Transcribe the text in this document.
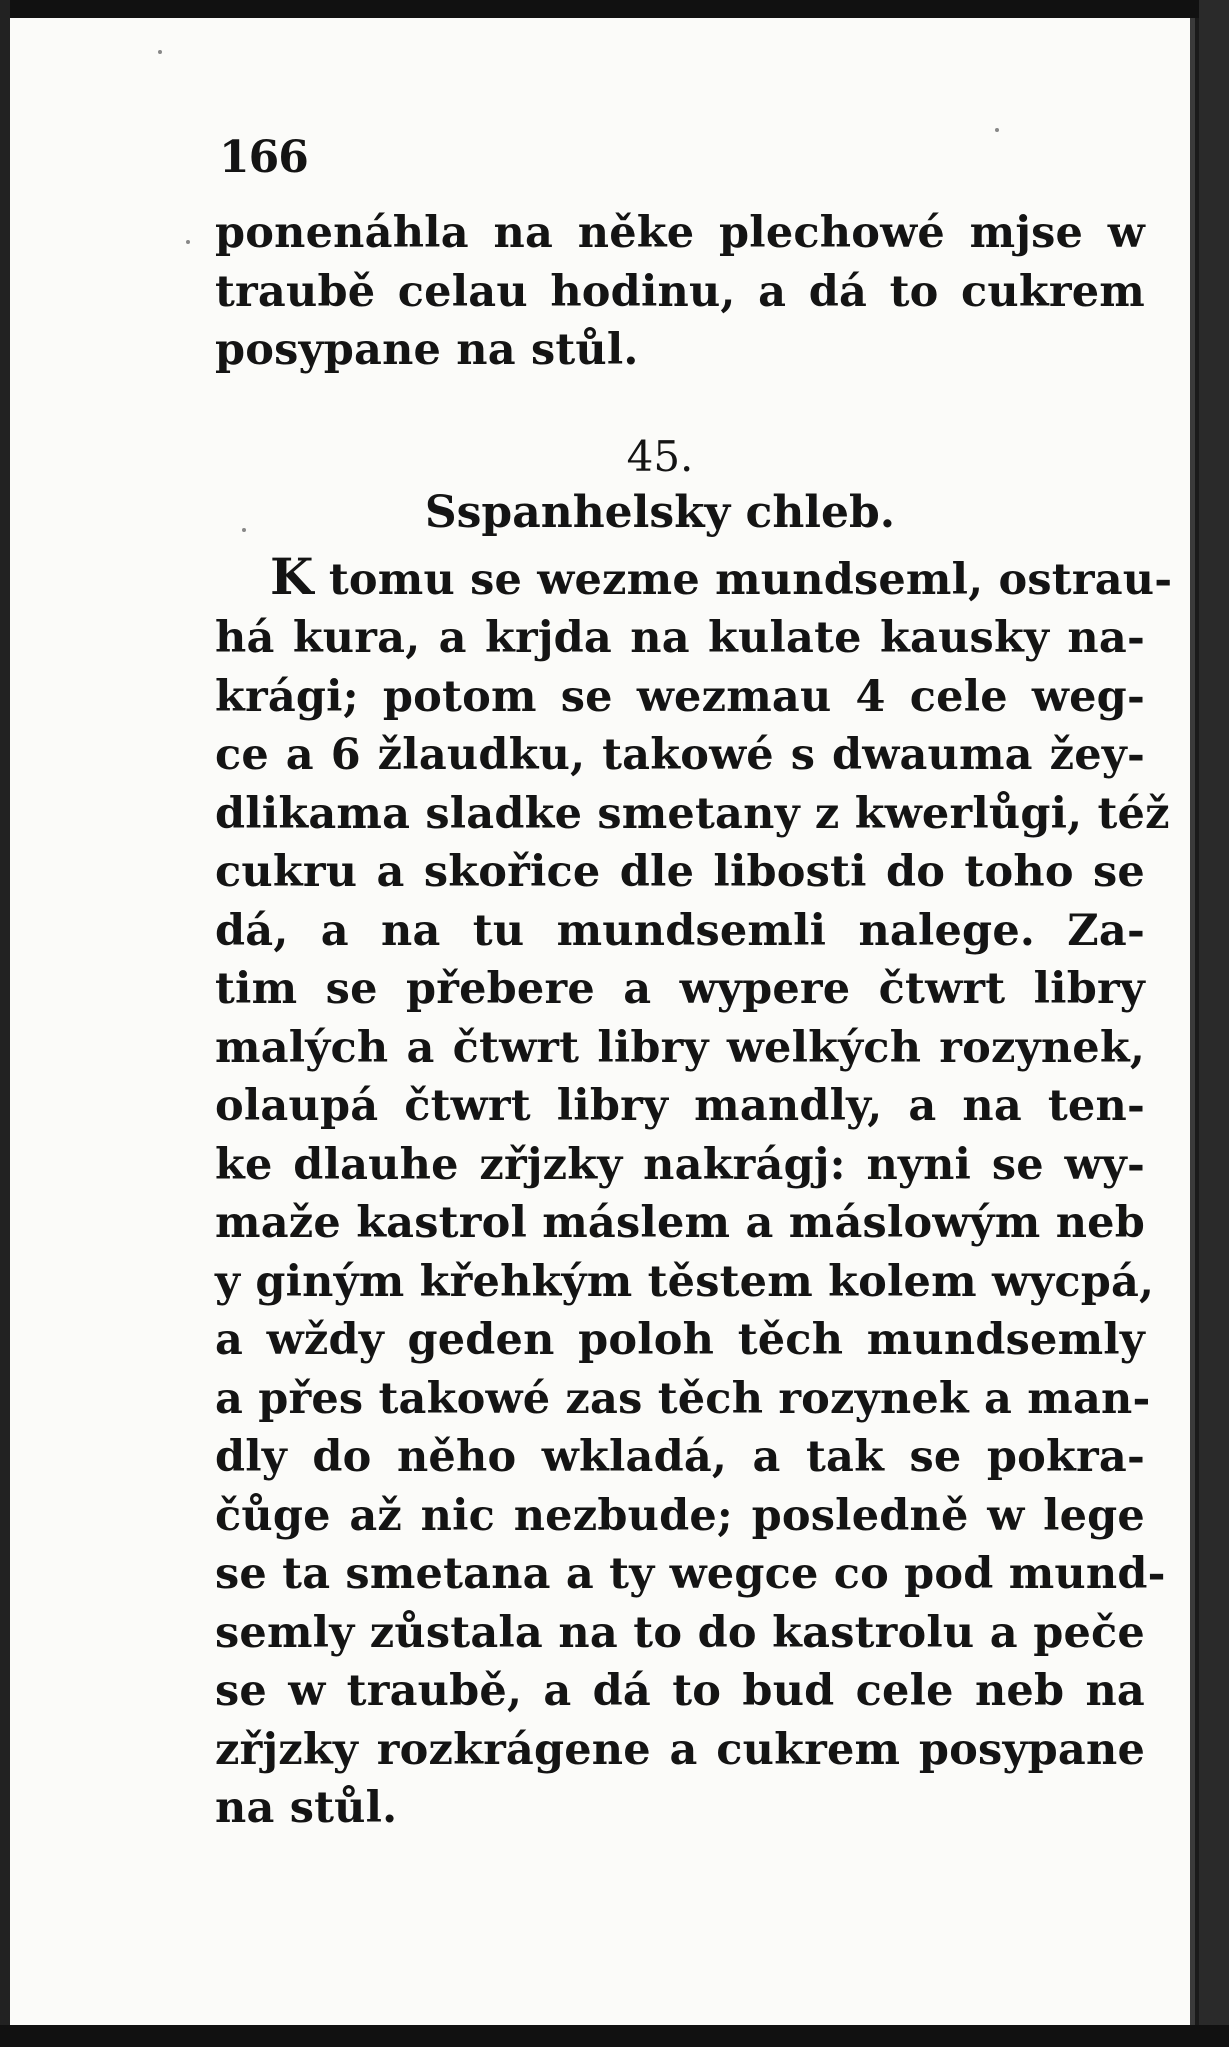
166
ponenáhla na něke plechowé mjse w
traubě celau hodinu, a dá to cukrem
posypane na stůl.
45.
Sspanhelsky chleb.
K tomu se wezme mundseml, ostrau-
há kura, a krjda na kulate kausky na-
krági; potom se wezmau 4 cele weg-
ce a 6 žlaudku, takowé s dwauma žey-
dlikama sladke smetany z kwerlůgi, též
cukru a skořice dle libosti do toho se
dá, a na tu mundsemli nalege. Za-
tim se přebere a wypere čtwrt libry
malých a čtwrt libry welkých rozynek,
olaupá čtwrt libry mandly, a na ten-
ke dlauhe zřjzky nakrágj: nyni se wy-
maže kastrol máslem a máslowým neb
y giným křehkým těstem kolem wycpá,
a wždy geden poloh těch mundsemly
a přes takowé zas těch rozynek a man-
dly do něho wkladá, a tak se pokra-
čůge až nic nezbude; posledně w lege
se ta smetana a ty wegce co pod mund-
semly zůstala na to do kastrolu a peče
se w traubě, a dá to bud cele neb na
zřjzky rozkrágene a cukrem posypane
na stůl.
